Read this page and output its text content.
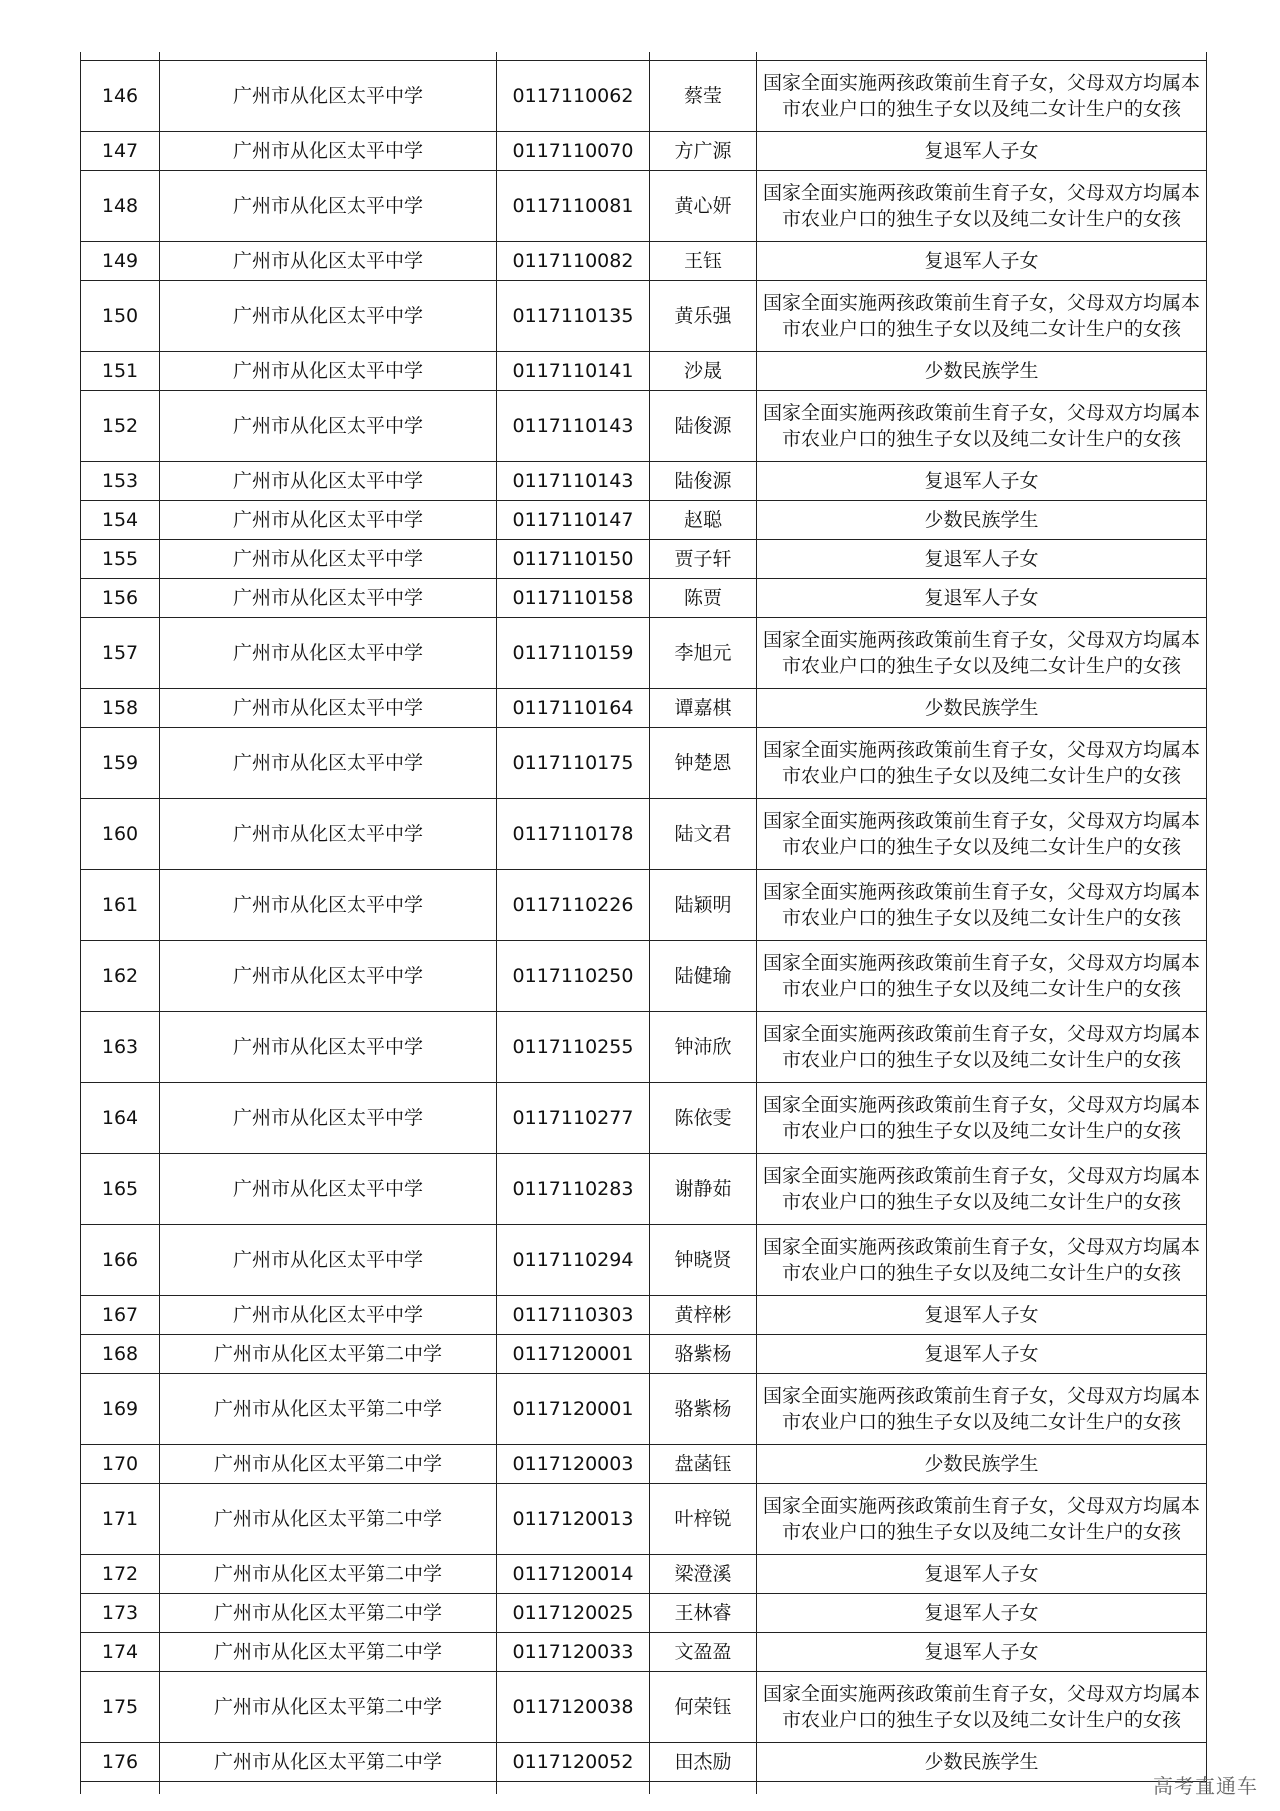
146	广州市从化区太平中学	0117110062	蔡莹	国家全面实施两孩政策前生育子女，父母双方均属本市农业户口的独生子女以及纯二女计生户的女孩
147	广州市从化区太平中学	0117110070	方广源	复退军人子女
148	广州市从化区太平中学	0117110081	黄心妍	国家全面实施两孩政策前生育子女，父母双方均属本市农业户口的独生子女以及纯二女计生户的女孩
149	广州市从化区太平中学	0117110082	王钰	复退军人子女
150	广州市从化区太平中学	0117110135	黄乐强	国家全面实施两孩政策前生育子女，父母双方均属本市农业户口的独生子女以及纯二女计生户的女孩
151	广州市从化区太平中学	0117110141	沙晟	少数民族学生
152	广州市从化区太平中学	0117110143	陆俊源	国家全面实施两孩政策前生育子女，父母双方均属本市农业户口的独生子女以及纯二女计生户的女孩
153	广州市从化区太平中学	0117110143	陆俊源	复退军人子女
154	广州市从化区太平中学	0117110147	赵聪	少数民族学生
155	广州市从化区太平中学	0117110150	贾子轩	复退军人子女
156	广州市从化区太平中学	0117110158	陈贾	复退军人子女
157	广州市从化区太平中学	0117110159	李旭元	国家全面实施两孩政策前生育子女，父母双方均属本市农业户口的独生子女以及纯二女计生户的女孩
158	广州市从化区太平中学	0117110164	谭嘉棋	少数民族学生
159	广州市从化区太平中学	0117110175	钟楚恩	国家全面实施两孩政策前生育子女，父母双方均属本市农业户口的独生子女以及纯二女计生户的女孩
160	广州市从化区太平中学	0117110178	陆文君	国家全面实施两孩政策前生育子女，父母双方均属本市农业户口的独生子女以及纯二女计生户的女孩
161	广州市从化区太平中学	0117110226	陆颖明	国家全面实施两孩政策前生育子女，父母双方均属本市农业户口的独生子女以及纯二女计生户的女孩
162	广州市从化区太平中学	0117110250	陆健瑜	国家全面实施两孩政策前生育子女，父母双方均属本市农业户口的独生子女以及纯二女计生户的女孩
163	广州市从化区太平中学	0117110255	钟沛欣	国家全面实施两孩政策前生育子女，父母双方均属本市农业户口的独生子女以及纯二女计生户的女孩
164	广州市从化区太平中学	0117110277	陈依雯	国家全面实施两孩政策前生育子女，父母双方均属本市农业户口的独生子女以及纯二女计生户的女孩
165	广州市从化区太平中学	0117110283	谢静茹	国家全面实施两孩政策前生育子女，父母双方均属本市农业户口的独生子女以及纯二女计生户的女孩
166	广州市从化区太平中学	0117110294	钟晓贤	国家全面实施两孩政策前生育子女，父母双方均属本市农业户口的独生子女以及纯二女计生户的女孩
167	广州市从化区太平中学	0117110303	黄梓彬	复退军人子女
168	广州市从化区太平第二中学	0117120001	骆紫杨	复退军人子女
169	广州市从化区太平第二中学	0117120001	骆紫杨	国家全面实施两孩政策前生育子女，父母双方均属本市农业户口的独生子女以及纯二女计生户的女孩
170	广州市从化区太平第二中学	0117120003	盘菡钰	少数民族学生
171	广州市从化区太平第二中学	0117120013	叶梓锐	国家全面实施两孩政策前生育子女，父母双方均属本市农业户口的独生子女以及纯二女计生户的女孩
172	广州市从化区太平第二中学	0117120014	梁澄溪	复退军人子女
173	广州市从化区太平第二中学	0117120025	王林睿	复退军人子女
174	广州市从化区太平第二中学	0117120033	文盈盈	复退军人子女
175	广州市从化区太平第二中学	0117120038	何荣钰	国家全面实施两孩政策前生育子女，父母双方均属本市农业户口的独生子女以及纯二女计生户的女孩
176	广州市从化区太平第二中学	0117120052	田杰励	少数民族学生

高考直通车
